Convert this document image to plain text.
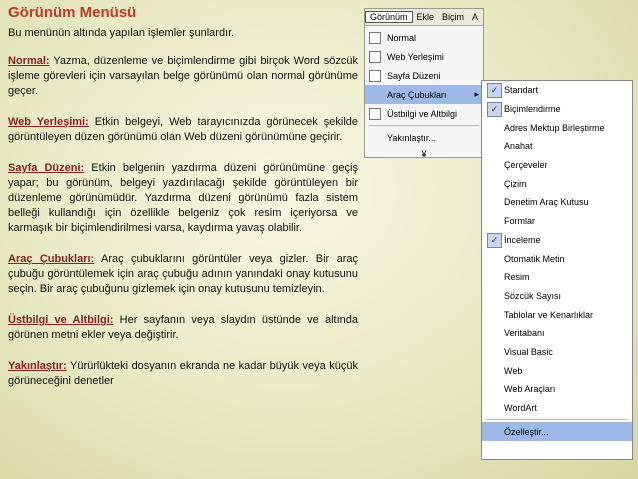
Görünüm Menüsü
Bu menünün altında yapılan işlemler şunlardır.
Normal: Yazma, düzenleme ve biçimlendirme gibi birçok Word sözcük işleme görevleri için varsayılan belge görünümü olan normal görünüme geçer.
Web Yerleşimi: Etkin belgeyi, Web tarayıcınızda görünecek şekilde görüntüleyen düzen görünümü olan Web düzeni görünümüne geçirir.
Sayfa Düzeni: Etkin belgenin yazdırma düzeni görünümüne geçiş yapar; bu görünüm, belgeyi yazdırılacağı şekilde görüntüleyen bir düzenleme görünümüdür. Yazdırma düzeni görünümü fazla sistem belleği kullandığı için özellikle belgeniz çok resim içeriyorsa ve karmaşık bir biçimlendirilmesi varsa, kaydırma yavaş olabilir.
Araç Çubukları: Araç çubuklarını görüntüler veya gizler. Bir araç çubuğu görüntülemek için araç çubuğu adının yanındaki onay kutusunu seçin. Bir araç çubuğunu gizlemek için onay kutusunu temizleyin.
Üstbilgi ve Altbilgi: Her sayfanın veya slaydın üstünde ve altında görünen metni ekler veya değiştirir.
Yakınlaştır: Yürürlükteki dosyanın ekranda ne kadar büyük veya küçük görüneceğini denetler
Görünüm	Ekle Biçim A
Normal
Web Yerleşimi
Sayfa Düzeni
Araç Çubukları	▸
Üstbilgi ve Altbilgi
Yakınlaştır...
¥
✓ Standart
✓ Biçimlendirme
Adres Mektup Birleştirme
Anahat
Çerçeveler
Çizim
Denetim Araç Kutusu
Formlar
✓ İnceleme
Otomatik Metin
Resim
Sözcük Sayısı
Tablolar ve Kenarlıklar
Veritabanı
Visual Basic
Web
Web Araçları
WordArt
Özelleştir...
